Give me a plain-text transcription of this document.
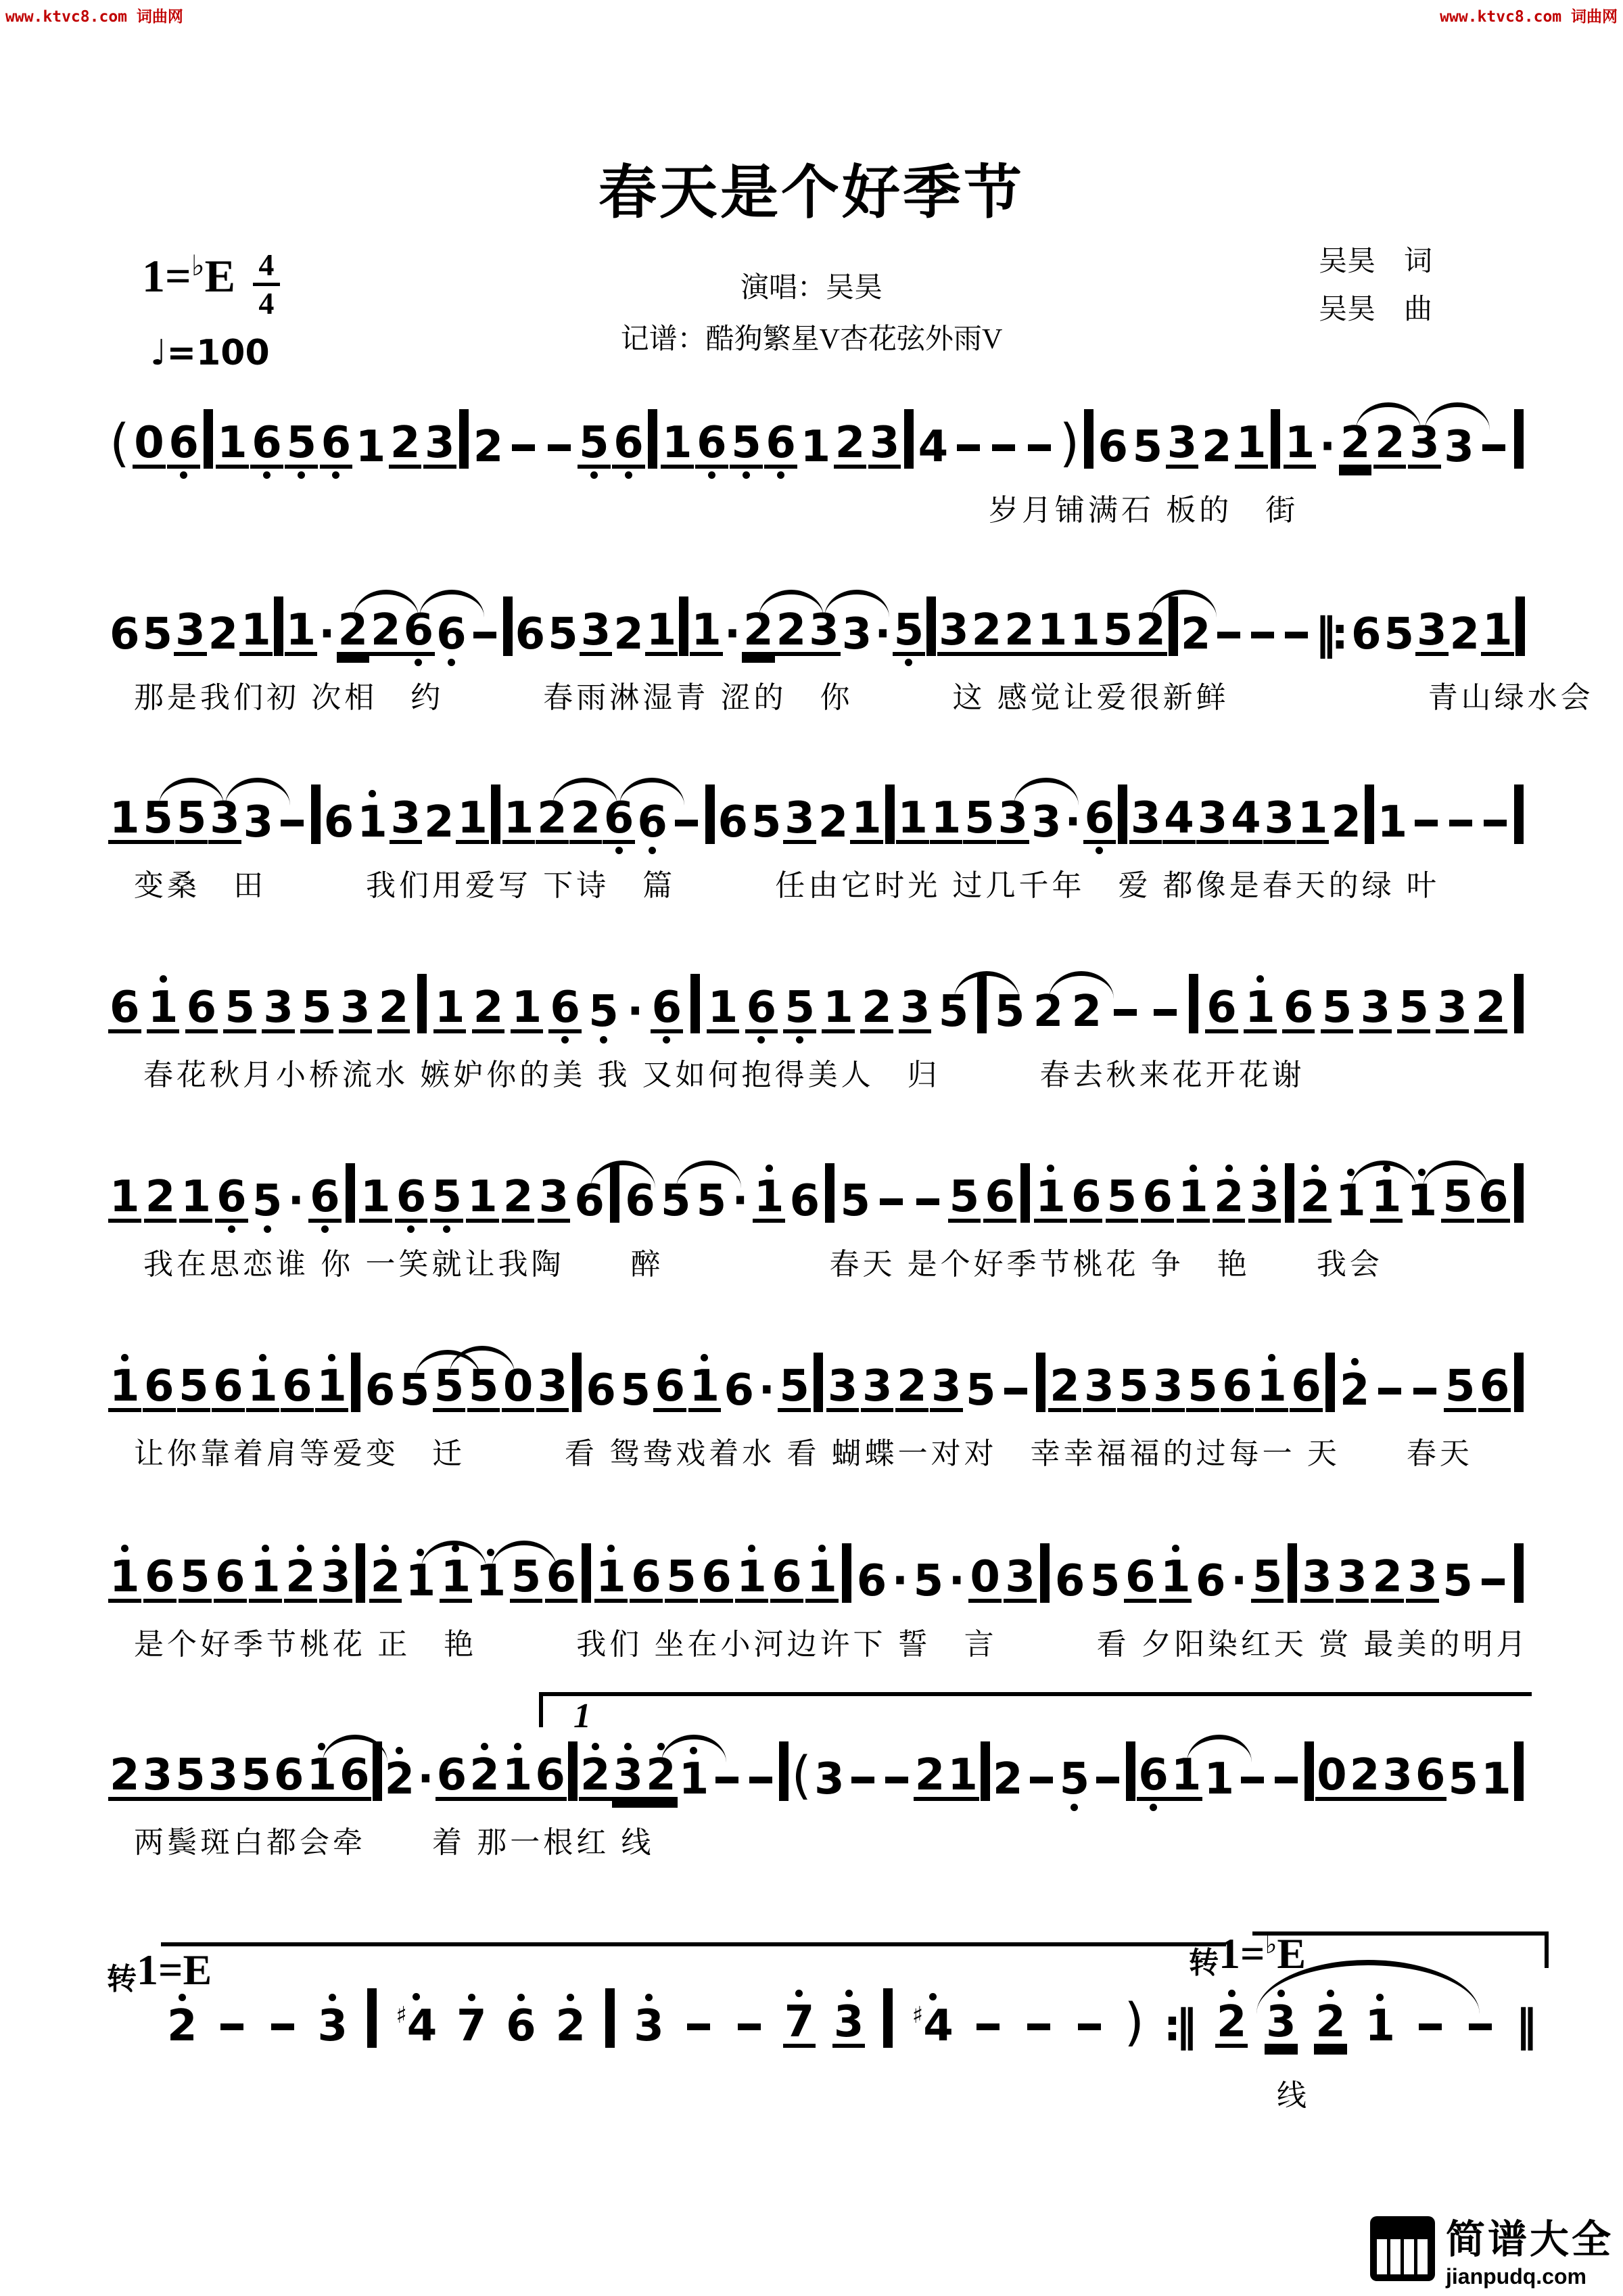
www.ktvc8.com 词曲网	www.ktvc8.com 词曲网
春天是个好季节
1=♭E 4
4
♩=100
演唱：吴昊
记谱：酷狗繁星V杏花弦外雨V
吴昊　词
吴昊　曲
( 0 6 1 6 5 6 1 2 3 2 5 6 1 6 5 6 1 2 3 4 ) 6 5 3 2 1 1 · 2 2 3 3
岁月铺满石 板的　街
6 5 3 2 1 1 · 2 2 6 6 6 5 3 2 1 1 · 2 2 3 3 · 5 3 2 2 1 1 5 2 2 ‖: 6 5 3 2 1
那是我们初 次相　约　　　春雨淋湿青 涩的　你　　　这 感觉让爱很新鲜　　　　　　青山绿水会
1 5 5 3 3 6 1 3 2 1 1 2 2 6 6 6 5 3 2 1 1 1 5 3 3 · 6 3 4 3 4 3 1 2 1
变桑　田　　　我们用爱写 下诗　篇　　　任由它时光 过几千年　爱 都像是春天的绿 叶
6 1 6 5 3 5 3 2 1 2 1 6 5 · 6 1 6 5 1 2 3 5 5 2 2 6 1 6 5 3 5 3 2
春花秋月小桥流水 嫉妒你的美 我 又如何抱得美人　归　　　春去秋来花开花谢
1 2 1 6 5 · 6 1 6 5 1 2 3 6 6 5 5 · 1 6 5 5 6 1 6 5 6 1 2 3 2 1 1 1 5 6
我在思恋谁 你 一笑就让我陶　　醉　　　　　春天 是个好季节桃花 争　艳　　我会
1 6 5 6 1 6 1 6 5 5 5 0 3 6 5 6 1 6 · 5 3 3 2 3 5 2 3 5 3 5 6 1 6 2 5 6
让你靠着肩等爱变　迁　　　看 鸳鸯戏着水 看 蝴蝶一对对　幸幸福福的过每一 天　　春天
1 6 5 6 1 2 3 2 1 1 1 5 6 1 6 5 6 1 6 1 6 · 5 · 0 3 6 5 6 1 6 · 5 3 3 2 3 5
是个好季节桃花 正　艳　　　我们 坐在小河边许下 誓　言　　　看 夕阳染红天 赏 最美的明月
1
2 3 5 3 5 6 1 6 2 · 6 2 1 6 2 3 2 1 ( 3 2 1 2 5 6 1 1 0 2 3 6 5 1
两鬓斑白都会牵　　着 那一根红 线
转 1=E	转 1=♭E
2	3 ♯4 7 6 2 3	7 3 ♯4	) :‖ 2 3 2 1	‖
线
简谱大全
jianpudq.com
